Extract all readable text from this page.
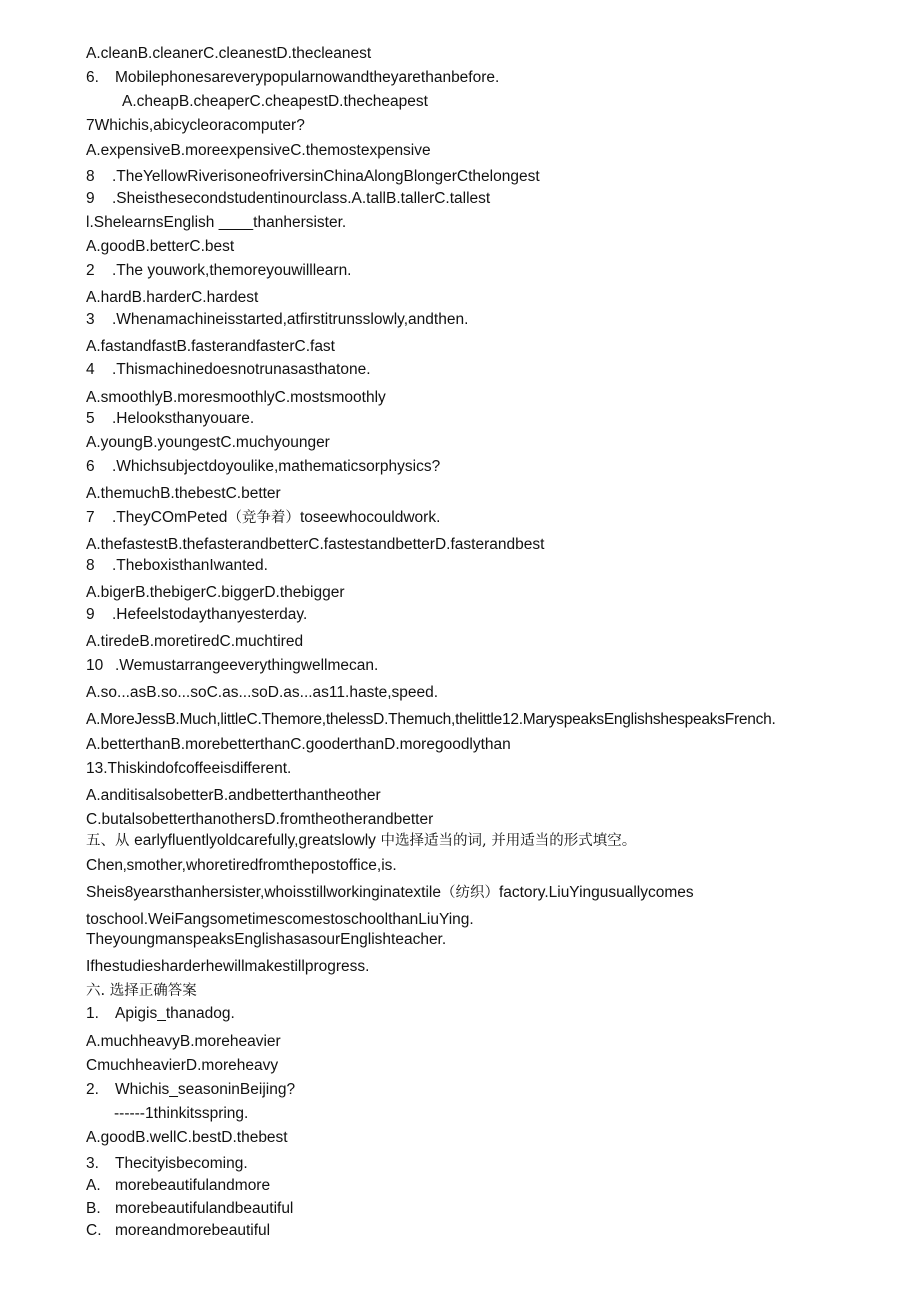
A.cleanB.cleanerC.cleanestD.thecleanest
6. Mobilephonesareverypopularnowandtheyarethanbefore.
A.cheapB.cheaperC.cheapestD.thecheapest
7Whichis,abicycleoracomputer?
A.expensiveB.moreexpensiveC.themostexpensive
8 .TheYellowRiverisoneofriversinChinaAlongBlongerCthelongest
9 .Sheisthesecondstudentinourclass.A.tallB.tallerC.tallest
l.ShelearnsEnglish ____thanhersister.
A.goodB.betterC.best
2 .The youwork,themoreyouwilllearn.
A.hardB.harderC.hardest
3 .Whenamachineisstarted,atfirstitrunsslowly,andthen.
A.fastandfastB.fasterandfasterC.fast
4 .Thismachinedoesnotrunasasthatone.
A.smoothlyB.moresmoothlyC.mostsmoothly
5 .Helooksthanyouare.
A.youngB.youngestC.muchyounger
6 .Whichsubjectdoyoulike,mathematicsorphysics?
A.themuchB.thebestC.better
7 .TheyCOmPeted（竞争着）toseewhocouldwork.
A.thefastestB.thefasterandbetterC.fastestandbetterD.fasterandbest
8 .TheboxisthanIwanted.
A.bigerB.thebigerC.biggerD.thebigger
9 .Hefeelstodaythanyesterday.
A.tiredeB.moretiredC.muchtired
10 .Wemustarrangeeverythingwellmecan.
A.so...asB.so...soC.as...soD.as...as11.haste,speed.
A.MoreJessB.Much,littleC.Themore,thelessD.Themuch,thelittle12.MaryspeaksEnglishshespeaksFrench.
A.betterthanB.morebetterthanC.gooderthanD.moregoodlythan
13.Thiskindofcoffeeisdifferent.
A.anditisalsobetterB.andbetterthantheother
C.butalsobetterthanothersD.fromtheotherandbetter
五、从 earlyfluentlyoldcarefully,greatslowly 中选择适当的词, 并用适当的形式填空。
Chen‚smother,whoretiredfromthepostoffice,is.
Sheis8yearsthanhersister,whoisstillworkinginatextile（纺织）factory.LiuYingusuallycomes
toschool.WeiFangsometimescomestoschoolthanLiuYing.
TheyoungmanspeaksEnglishasasourEnglishteacher.
Ifhestudiesharderhewillmakestillprogress.
六. 选择正确答案
1. Apigis_thanadog.
A.muchheavyB.moreheavier
CmuchheavierD.moreheavy
2. Whichis_seasoninBeijing?
------1thinkitsspring.
A.goodB.wellC.bestD.thebest
3. Thecityisbecoming.
A. morebeautifulandmore
B. morebeautifulandbeautiful
C. moreandmorebeautiful
